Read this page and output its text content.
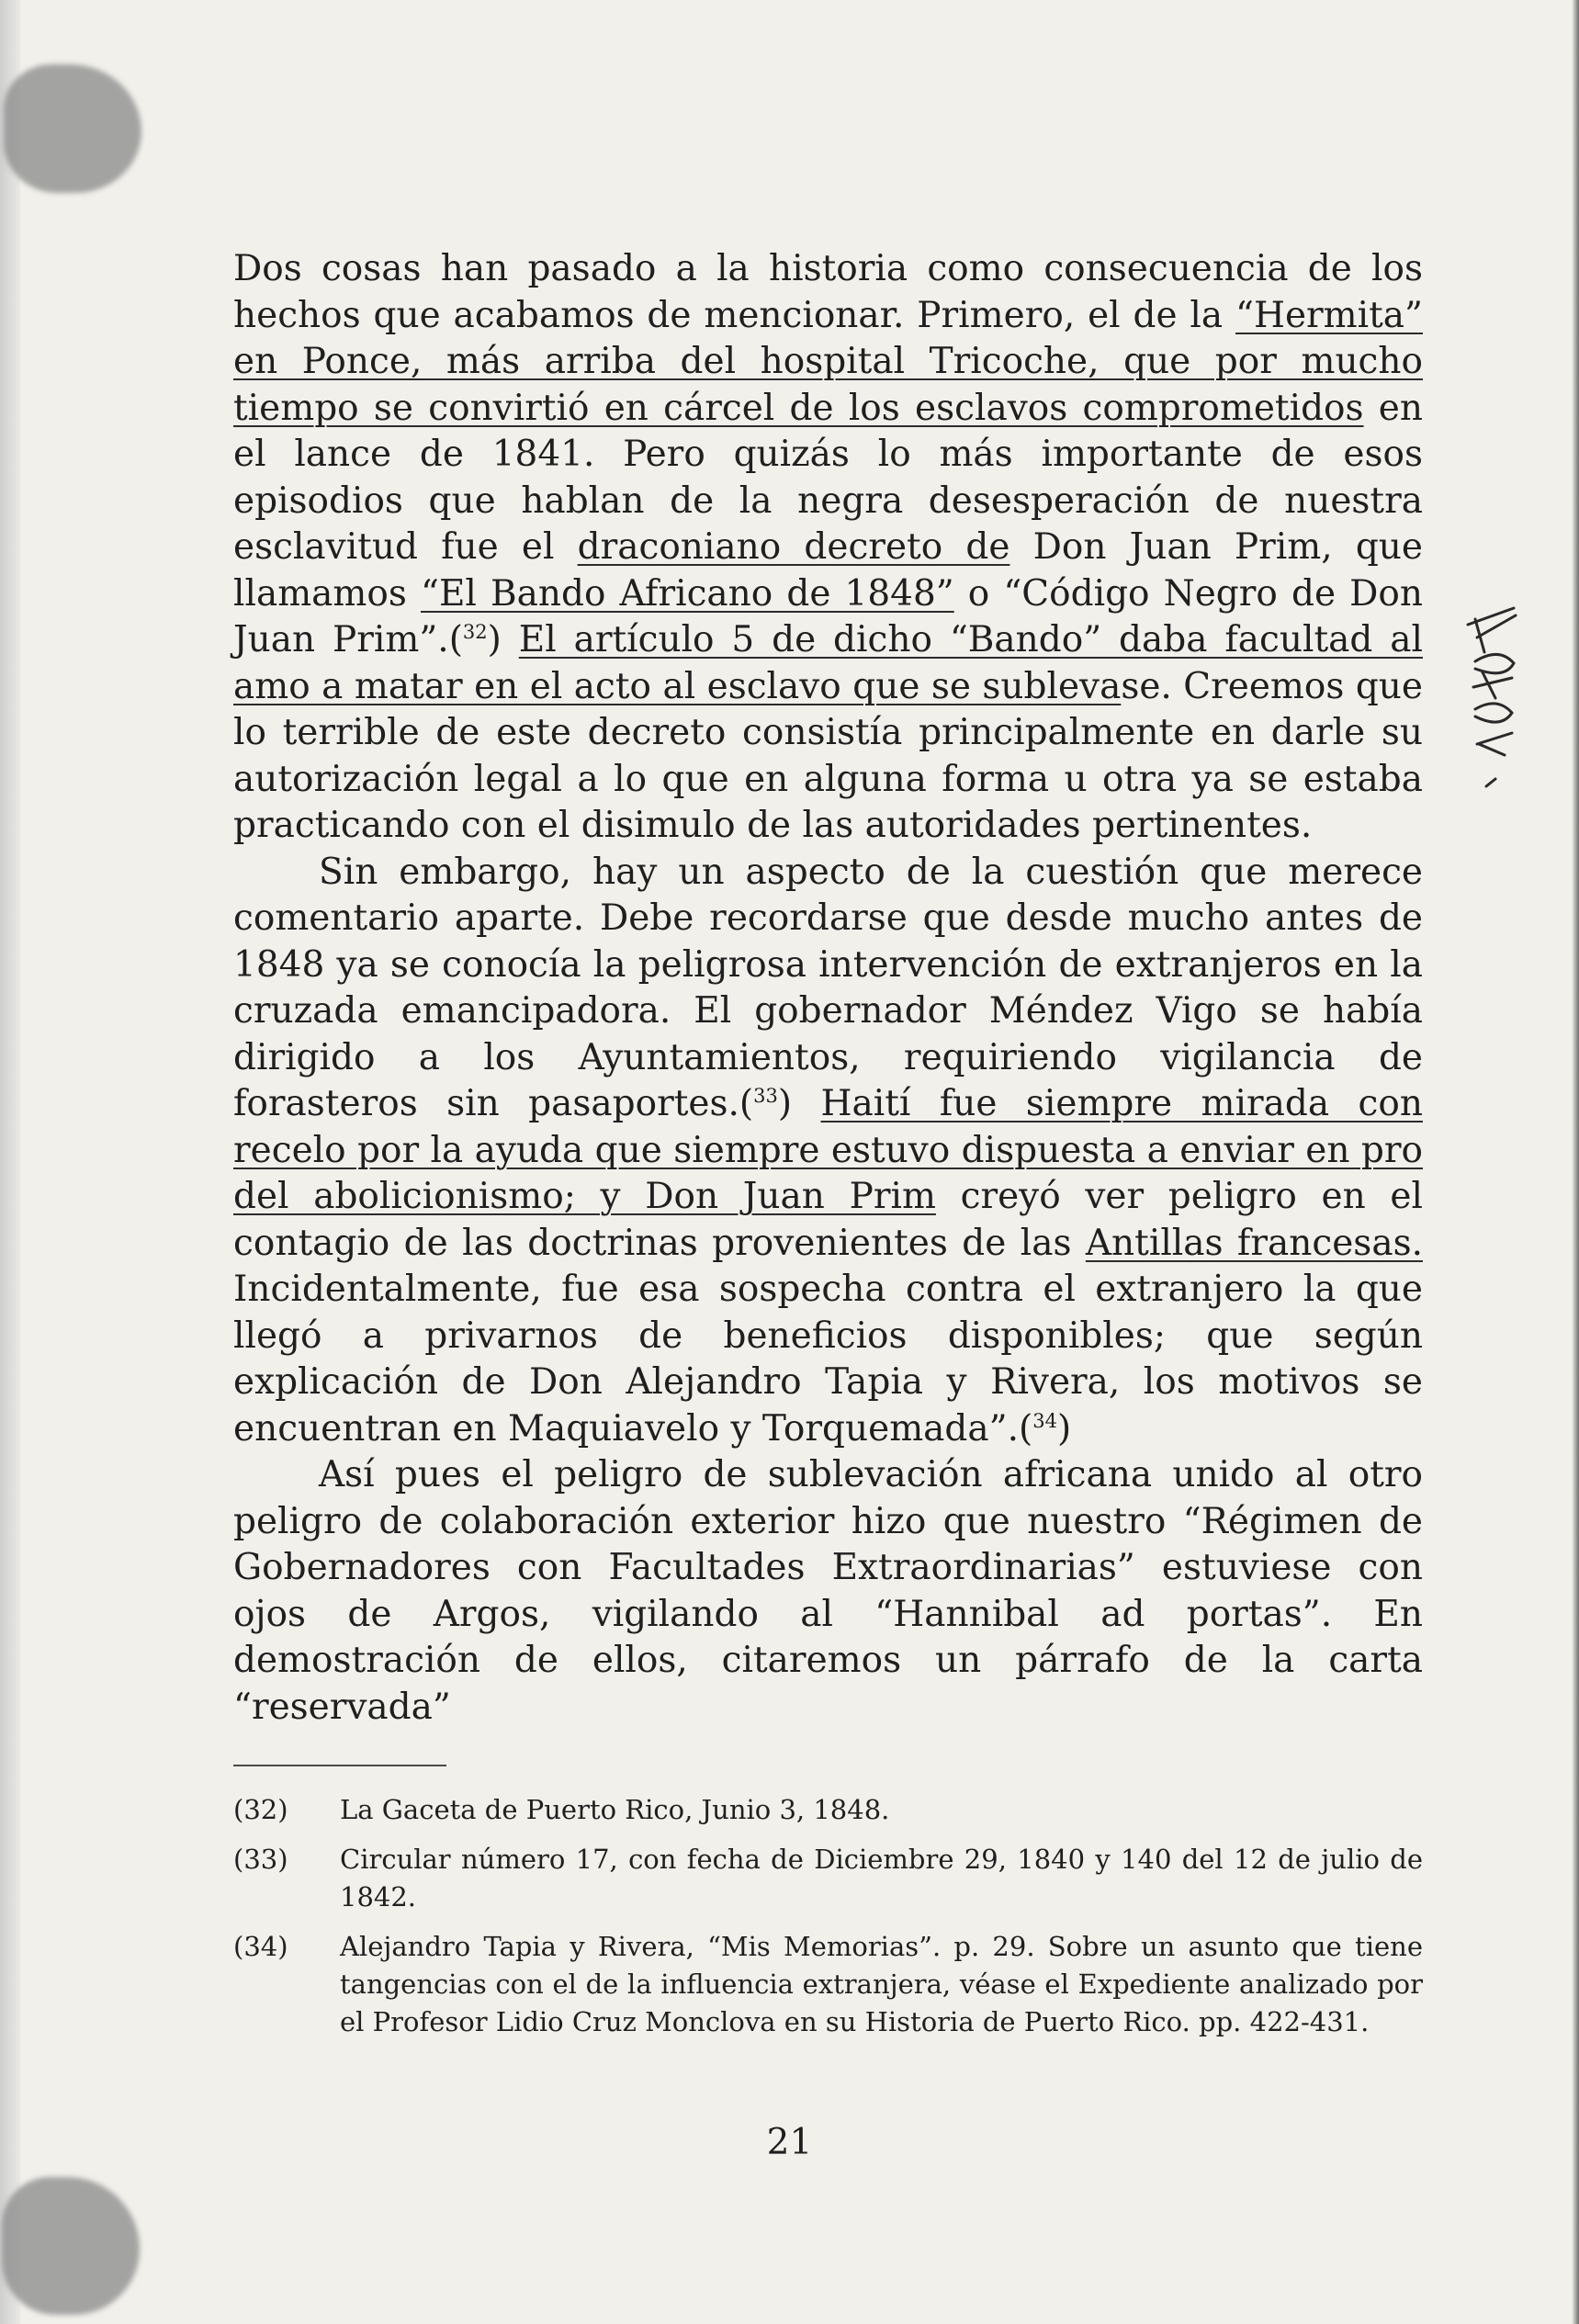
Dos cosas han pasado a la historia como consecuencia de los hechos que acabamos de mencionar. Primero, el de la “Hermita” en Ponce, más arriba del hospital Tricoche, que por mucho tiempo se convirtió en cárcel de los esclavos comprometidos en el lance de 1841. Pero quizás lo más importante de esos episodios que hablan de la negra desesperación de nuestra esclavitud fue el draconiano decreto de Don Juan Prim, que llamamos “El Bando Africano de 1848” o “Código Negro de Don Juan Prim”.($^{32}$) El artículo 5 de dicho “Bando” daba facultad al amo a matar en el acto al esclavo que se sublevase. Creemos que lo terrible de este decreto consistía principalmente en darle su autorización legal a lo que en alguna forma u otra ya se estaba practicando con el disimulo de las autoridades pertinentes.

Sin embargo, hay un aspecto de la cuestión que merece comentario aparte. Debe recordarse que desde mucho antes de 1848 ya se conocía la peligrosa intervención de extranjeros en la cruzada emancipadora. El gobernador Méndez Vigo se había dirigido a los Ayuntamientos, requiriendo vigilancia de forasteros sin pasaportes.($^{33}$) Haití fue siempre mirada con recelo por la ayuda que siempre estuvo dispuesta a enviar en pro del abolicionismo; y Don Juan Prim creyó ver peligro en el contagio de las doctrinas provenientes de las Antillas francesas. Incidentalmente, fue esa sospecha contra el extranjero la que llegó a privarnos de beneficios disponibles; que según explicación de Don Alejandro Tapia y Rivera, los motivos se encuentran en Maquiavelo y Torquemada”.($^{34}$)

Así pues el peligro de sublevación africana unido al otro peligro de colaboración exterior hizo que nuestro “Régimen de Gobernadores con Facultades Extraordinarias” estuviese con ojos de Argos, vigilando al “Hannibal ad portas”. En demostración de ellos, citaremos un párrafo de la carta “reservada”

(32)	La Gaceta de Puerto Rico, Junio 3, 1848.
(33)	Circular número 17, con fecha de Diciembre 29, 1840 y 140 del 12 de julio de 1842.
(34)	Alejandro Tapia y Rivera, “Mis Memorias”. p. 29. Sobre un asunto que tiene tangencias con el de la influencia extranjera, véase el Expediente analizado por el Profesor Lidio Cruz Monclova en su Historia de Puerto Rico. pp. 422-431.
21
